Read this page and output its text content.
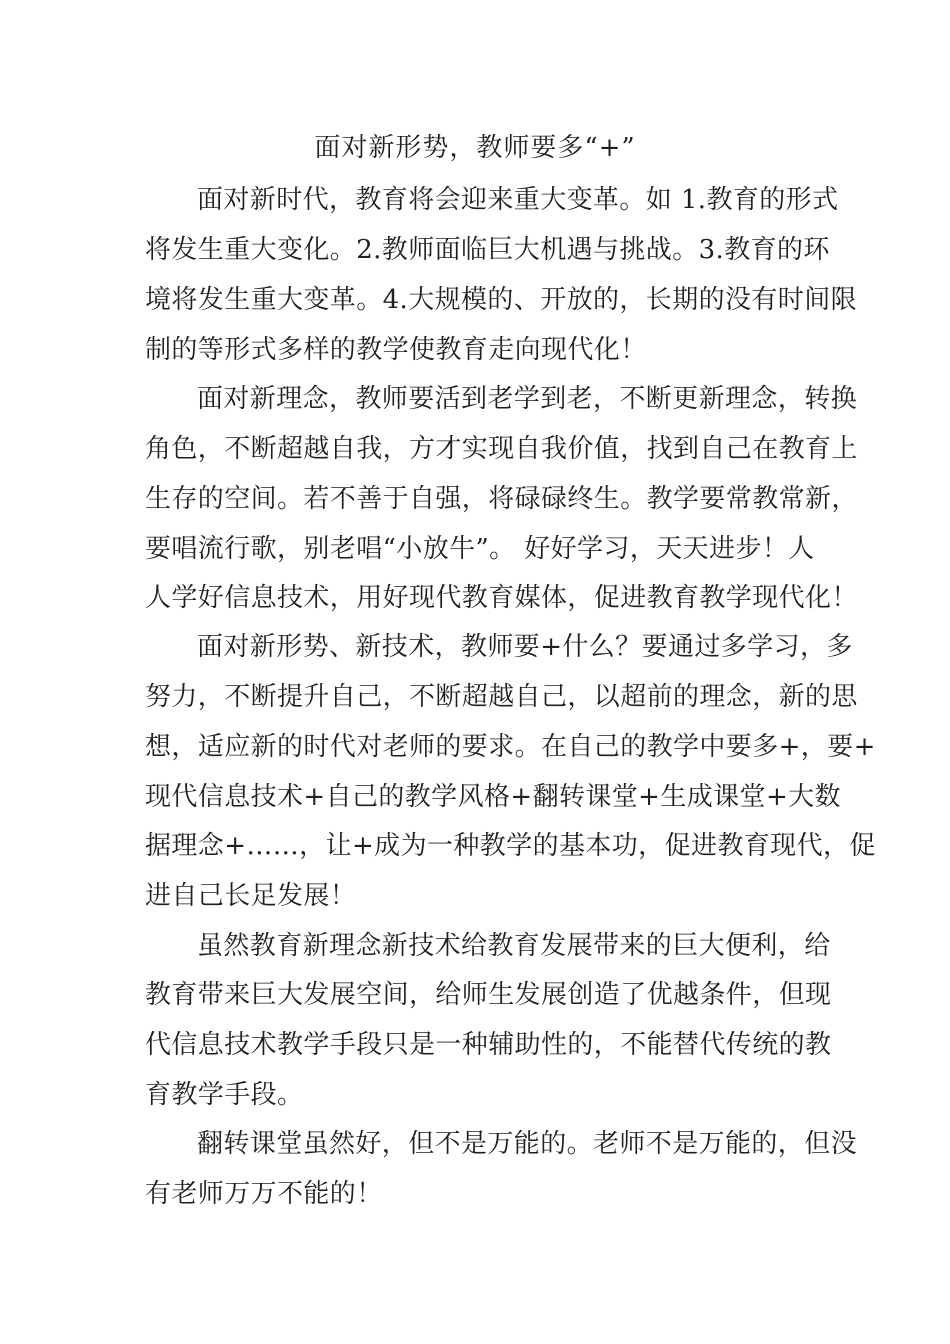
面对新形势，教师要多“+”
面对新时代，教育将会迎来重大变革。如 1.教育的形式
将发生重大变化。2.教师面临巨大机遇与挑战。3.教育的环
境将发生重大变革。4.大规模的、开放的，长期的没有时间限
制的等形式多样的教学使教育走向现代化！
面对新理念，教师要活到老学到老，不断更新理念，转换
角色，不断超越自我，方才实现自我价值，找到自己在教育上
生存的空间。若不善于自强，将碌碌终生。教学要常教常新，
要唱流行歌，别老唱“小放牛”。 好好学习，天天进步！人
人学好信息技术，用好现代教育媒体，促进教育教学现代化！
面对新形势、新技术，教师要+什么？要通过多学习，多
努力，不断提升自己，不断超越自己，以超前的理念，新的思
想，适应新的时代对老师的要求。在自己的教学中要多+，要+
现代信息技术+自己的教学风格+翻转课堂+生成课堂+大数
据理念+……，让+成为一种教学的基本功，促进教育现代，促
进自己长足发展！
虽然教育新理念新技术给教育发展带来的巨大便利，给
教育带来巨大发展空间，给师生发展创造了优越条件，但现
代信息技术教学手段只是一种辅助性的，不能替代传统的教
育教学手段。
翻转课堂虽然好，但不是万能的。老师不是万能的，但没
有老师万万不能的！
